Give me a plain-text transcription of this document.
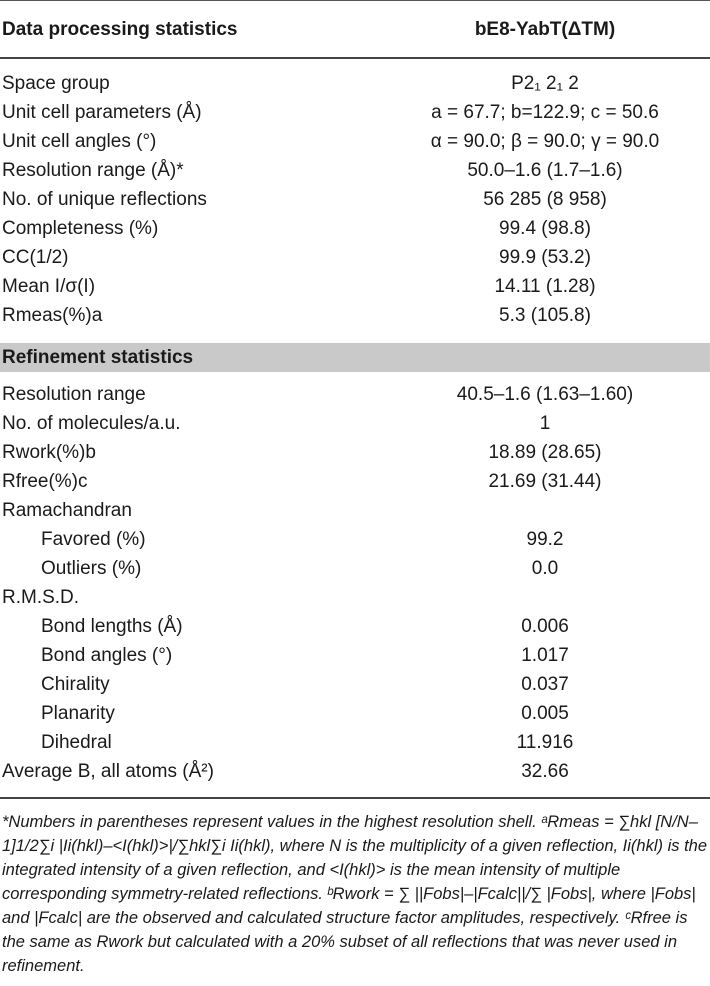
Data processing statistics	bE8-YabT(ΔTM)
Space group	P2₁ 2₁ 2
Unit cell parameters (Å)	a = 67.7; b=122.9; c = 50.6
Unit cell angles (°)	α = 90.0; β = 90.0; γ = 90.0
Resolution range (Å)*	50.0–1.6 (1.7–1.6)
No. of unique reflections	56 285 (8 958)
Completeness (%)	99.4 (98.8)
CC(1/2)	99.9 (53.2)
Mean I/σ(I)	14.11 (1.28)
Rmeas(%)a	5.3 (105.8)
Refinement statistics
Resolution range	40.5–1.6 (1.63–1.60)
No. of molecules/a.u.	1
Rwork(%)b	18.89 (28.65)
Rfree(%)c	21.69 (31.44)
Ramachandran
Favored (%)	99.2
Outliers (%)	0.0
R.M.S.D.
Bond lengths (Å)	0.006
Bond angles (°)	1.017
Chirality	0.037
Planarity	0.005
Dihedral	11.916
Average B, all atoms (Å²)	32.66
*Numbers in parentheses represent values in the highest resolution shell. ᵃRmeas = ∑hkl [N/N–1]1/2∑i |Ii(hkl)–<I(hkl)>|/∑hkl∑i Ii(hkl), where N is the multiplicity of a given reflection, Ii(hkl) is the integrated intensity of a given reflection, and <I(hkl)> is the mean intensity of multiple corresponding symmetry-related reflections. ᵇRwork = ∑ ||Fobs|–|Fcalc||/∑ |Fobs|, where |Fobs| and |Fcalc| are the observed and calculated structure factor amplitudes, respectively. ᶜRfree is the same as Rwork but calculated with a 20% subset of all reflections that was never used in refinement.
